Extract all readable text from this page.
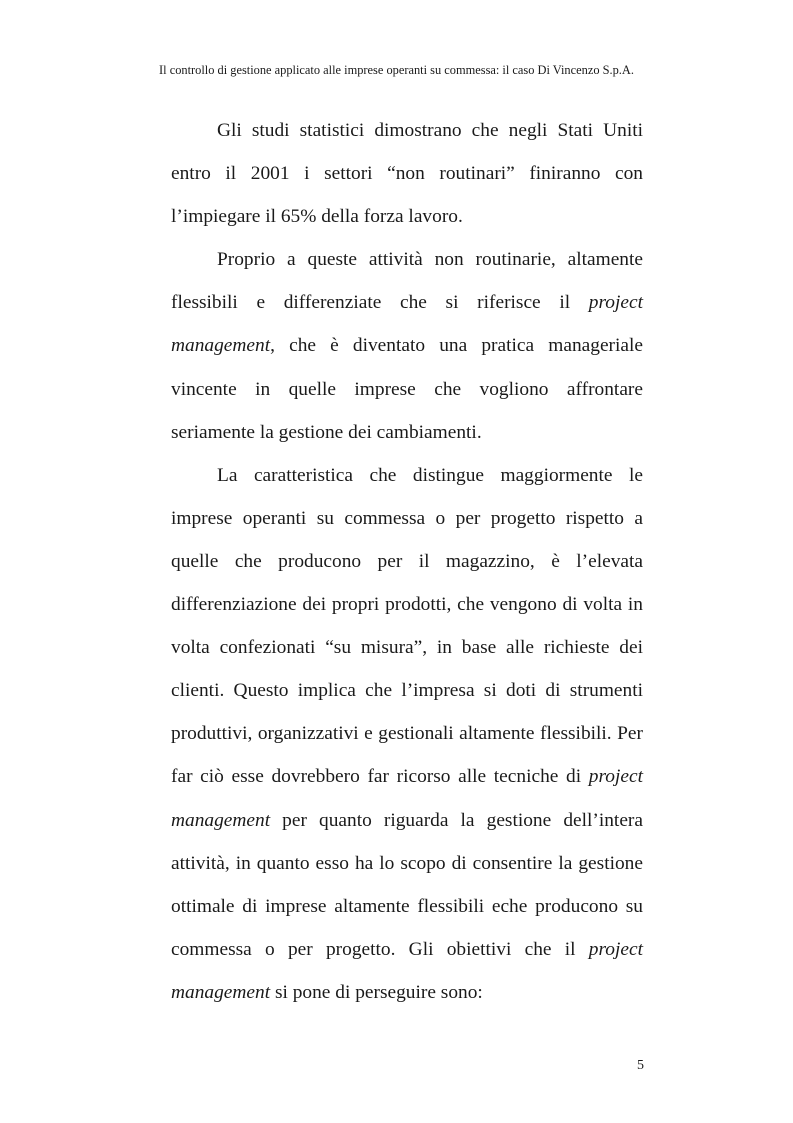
Il controllo di gestione applicato alle imprese operanti su commessa: il caso Di Vincenzo S.p.A.

Gli studi statistici dimostrano che negli Stati Uniti entro il 2001 i settori “non routinari” finiranno con l’impiegare il 65% della forza lavoro.

Proprio a queste attività non routinarie, altamente flessibili e differenziate che si riferisce il project management, che è diventato una pratica manageriale vincente in quelle imprese che vogliono affrontare seriamente la gestione dei cambiamenti.

La caratteristica che distingue maggiormente le imprese operanti su commessa o per progetto rispetto a quelle che producono per il magazzino, è l’elevata differenziazione dei propri prodotti, che vengono di volta in volta confezionati “su misura”, in base alle richieste dei clienti. Questo implica che l’impresa si doti di strumenti produttivi, organizzativi e gestionali altamente flessibili. Per far ciò esse dovrebbero far ricorso alle tecniche di project management per quanto riguarda la gestione dell’intera attività, in quanto esso ha lo scopo di consentire la gestione ottimale di imprese altamente flessibili eche producono su commessa o per progetto. Gli obiettivi che il project management si pone di perseguire sono:

5
